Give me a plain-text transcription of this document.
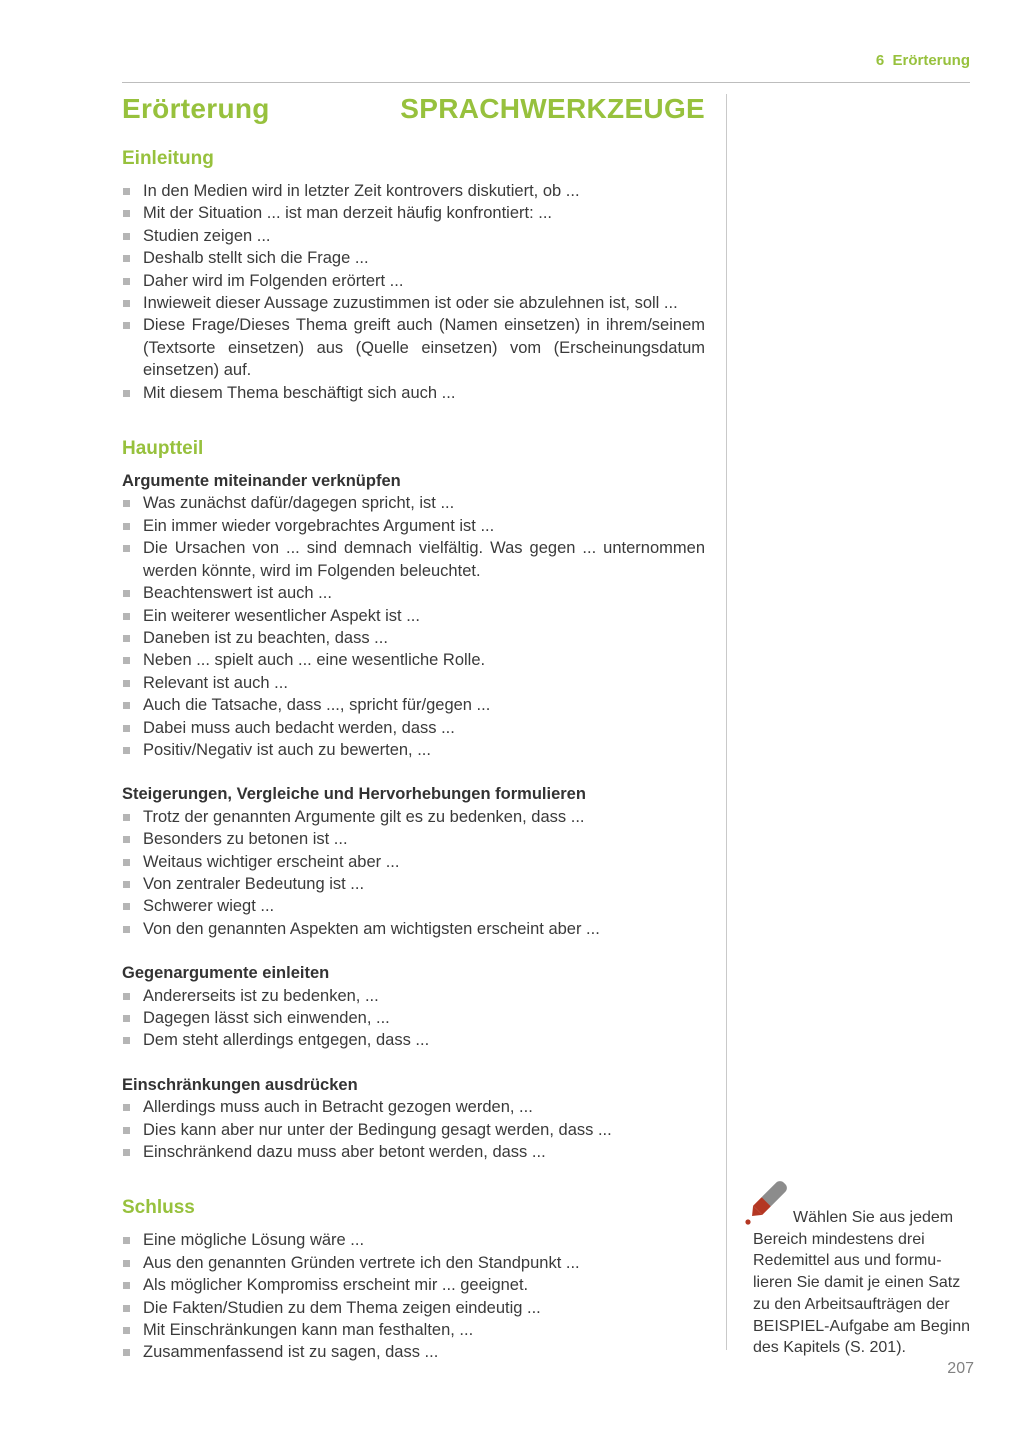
6  Erörterung
Erörterung	SPRACHWERKZEUGE
Einleitung
In den Medien wird in letzter Zeit kontrovers diskutiert, ob ...
Mit der Situation ... ist man derzeit häufig konfrontiert: ...
Studien zeigen ...
Deshalb stellt sich die Frage ...
Daher wird im Folgenden erörtert ...
Inwieweit dieser Aussage zuzustimmen ist oder sie abzulehnen ist, soll ...
Diese Frage/Dieses Thema greift auch (Namen einsetzen) in ihrem/seinem (Textsorte einsetzen) aus (Quelle einsetzen) vom (Erscheinungsdatum einsetzen) auf.
Mit diesem Thema beschäftigt sich auch ...
Hauptteil
Argumente miteinander verknüpfen
Was zunächst dafür/dagegen spricht, ist ...
Ein immer wieder vorgebrachtes Argument ist ...
Die Ursachen von ... sind demnach vielfältig. Was gegen ... unternommen werden könnte, wird im Folgenden beleuchtet.
Beachtenswert ist auch ...
Ein weiterer wesentlicher Aspekt ist ...
Daneben ist zu beachten, dass ...
Neben ... spielt auch ... eine wesentliche Rolle.
Relevant ist auch ...
Auch die Tatsache, dass ..., spricht für/gegen ...
Dabei muss auch bedacht werden, dass ...
Positiv/Negativ ist auch zu bewerten, ...
Steigerungen, Vergleiche und Hervorhebungen formulieren
Trotz der genannten Argumente gilt es zu bedenken, dass ...
Besonders zu betonen ist ...
Weitaus wichtiger erscheint aber ...
Von zentraler Bedeutung ist ...
Schwerer wiegt ...
Von den genannten Aspekten am wichtigsten erscheint aber ...
Gegenargumente einleiten
Andererseits ist zu bedenken, ...
Dagegen lässt sich einwenden, ...
Dem steht allerdings entgegen, dass ...
Einschränkungen ausdrücken
Allerdings muss auch in Betracht gezogen werden, ...
Dies kann aber nur unter der Bedingung gesagt werden, dass ...
Einschränkend dazu muss aber betont werden, dass ...
Schluss
Eine mögliche Lösung wäre ...
Aus den genannten Gründen vertrete ich den Standpunkt ...
Als möglicher Kompromiss erscheint mir ... geeignet.
Die Fakten/Studien zu dem Thema zeigen eindeutig ...
Mit Einschränkungen kann man festhalten, ...
Zusammenfassend ist zu sagen, dass ...
Wählen Sie aus jedem
Bereich mindestens drei
Redemittel aus und formu-
lieren Sie damit je einen Satz
zu den Arbeitsaufträgen der
BEISPIEL-Aufgabe am Beginn
des Kapitels (S. 201).
207
